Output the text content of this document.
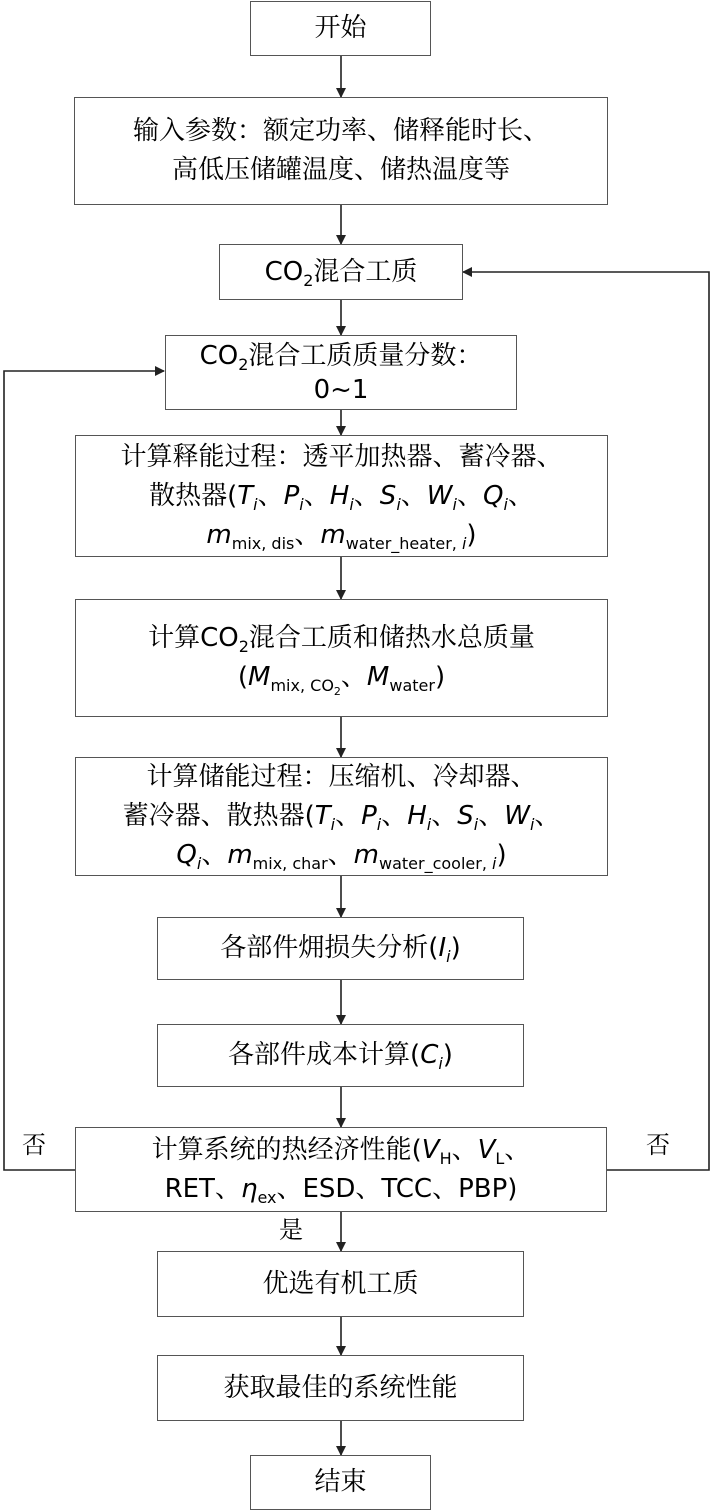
开始
输入参数：额定功率、储释能时长、
高低压储罐温度、储热温度等
$CO_2$混合工质
$CO_2$混合工质质量分数：
0~1
计算释能过程：透平加热器、蓄冷器、
散热器($T_i$、$P_i$、$H_i$、$S_i$、$W_i$、$Q_i$、
$m_{mix, dis}$、$m_{water\_heater, i}$)
计算$CO_2$混合工质和储热水总质量
($M_{mix, CO_2}$、$M_{water}$)
计算储能过程：压缩机、冷却器、
蓄冷器、散热器($T_i$、$P_i$、$H_i$、$S_i$、$W_i$、
$Q_i$、$m_{mix, char}$、$m_{water\_cooler, i}$)
各部件㶲损失分析$(I_i)$
各部件成本计算$(C_i)$
计算系统的热经济性能($V_H$、$V_L$、
RET、$\eta_{ex}$、ESD、TCC、PBP)
优选有机工质
获取最佳的系统性能
结束
否	否
是
